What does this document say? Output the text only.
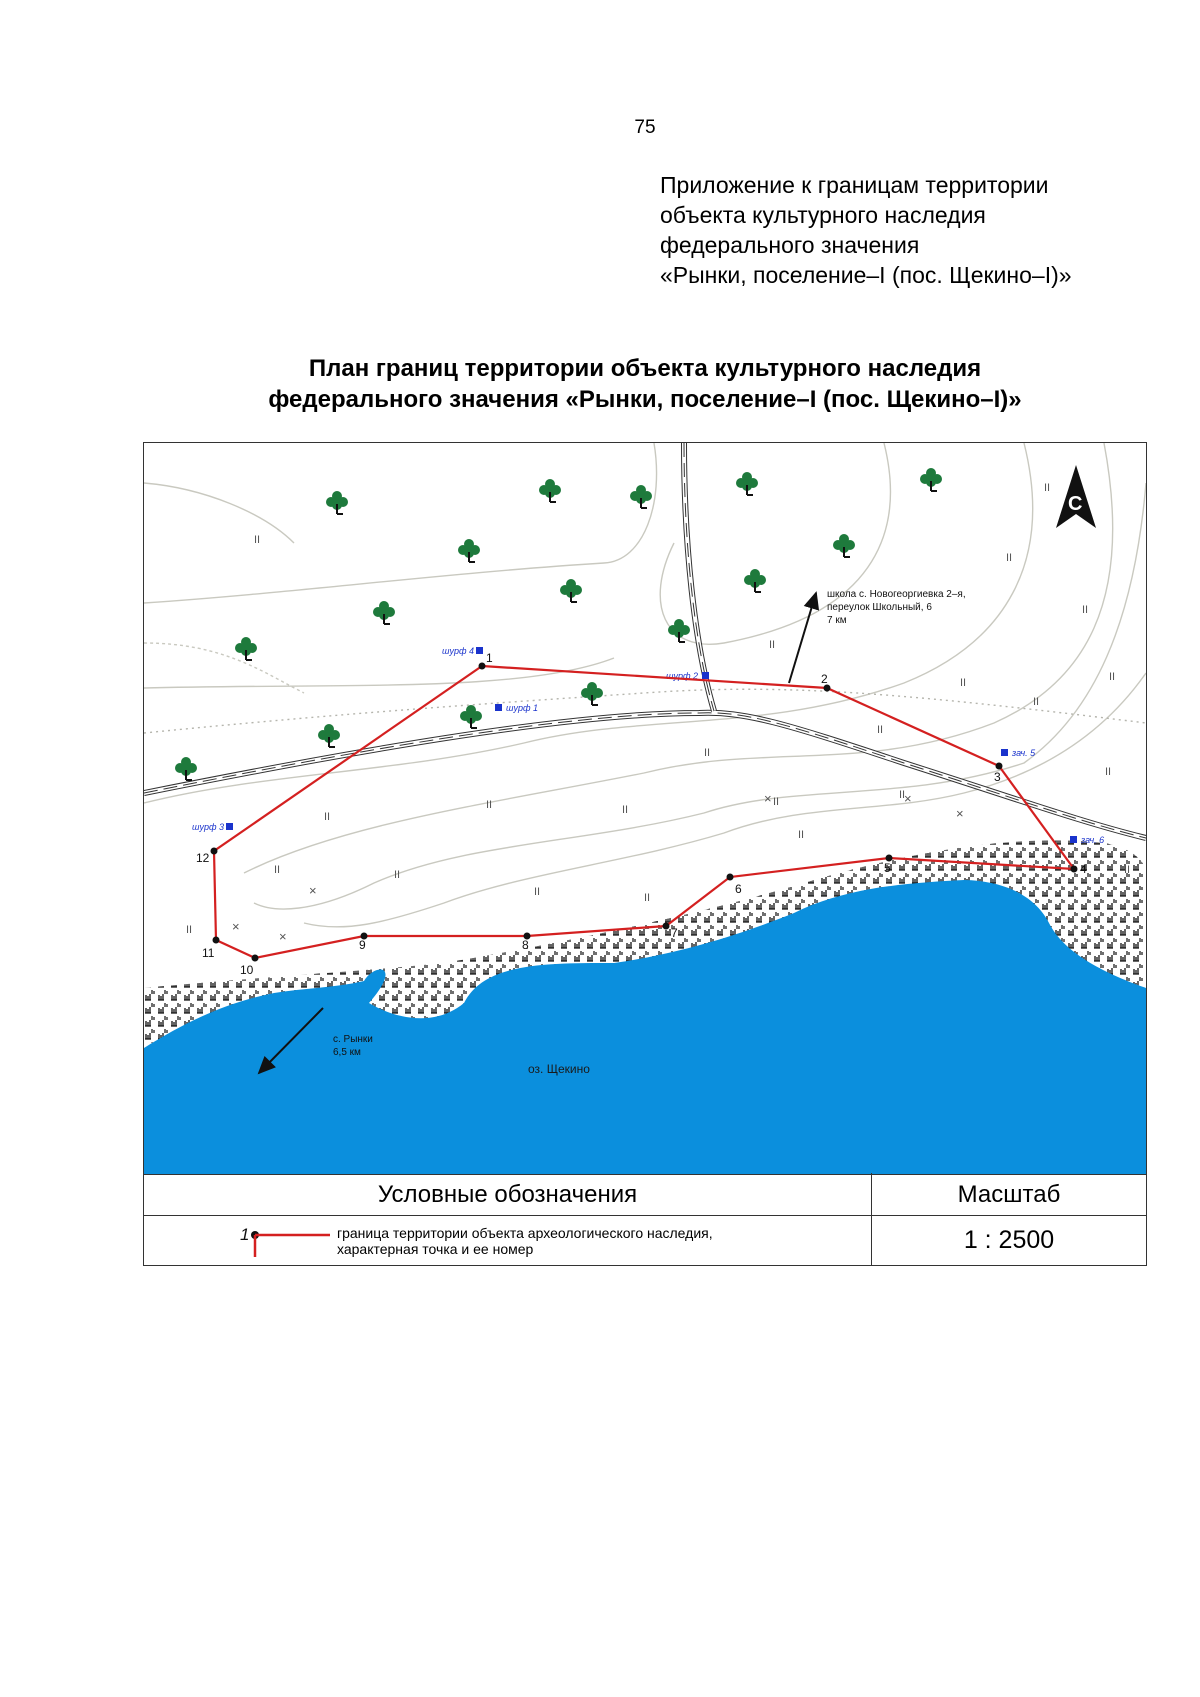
75
Приложение к границам территории
объекта культурного наследия
федерального значения
«Рынки, поселение–I (пос. Щекино–I)»
План границ территории объекта культурного наследия
федерального значения «Рынки, поселение–I (пос. Щекино–I)»
II
II
II
II
II
II	II
II
II
II
II
II
II	II
II
II
II
II	II
II	II
II
II
×
×	×
×
×
×
школа с. Новогеоргиевка 2–я,
переулок Школьный, 6
7 км
с. Рынки
6,5 км
оз. Щекино
С
шурф 4
шурф 2
шурф 1
шурф 3
зач. 5
зач. 6
1
2
3
4
5
6
7
8
9
10
11
12
Условные обозначения	Масштаб
1	граница территории объекта археологического наследия,
характерная точка и ее номер	1 : 2500
